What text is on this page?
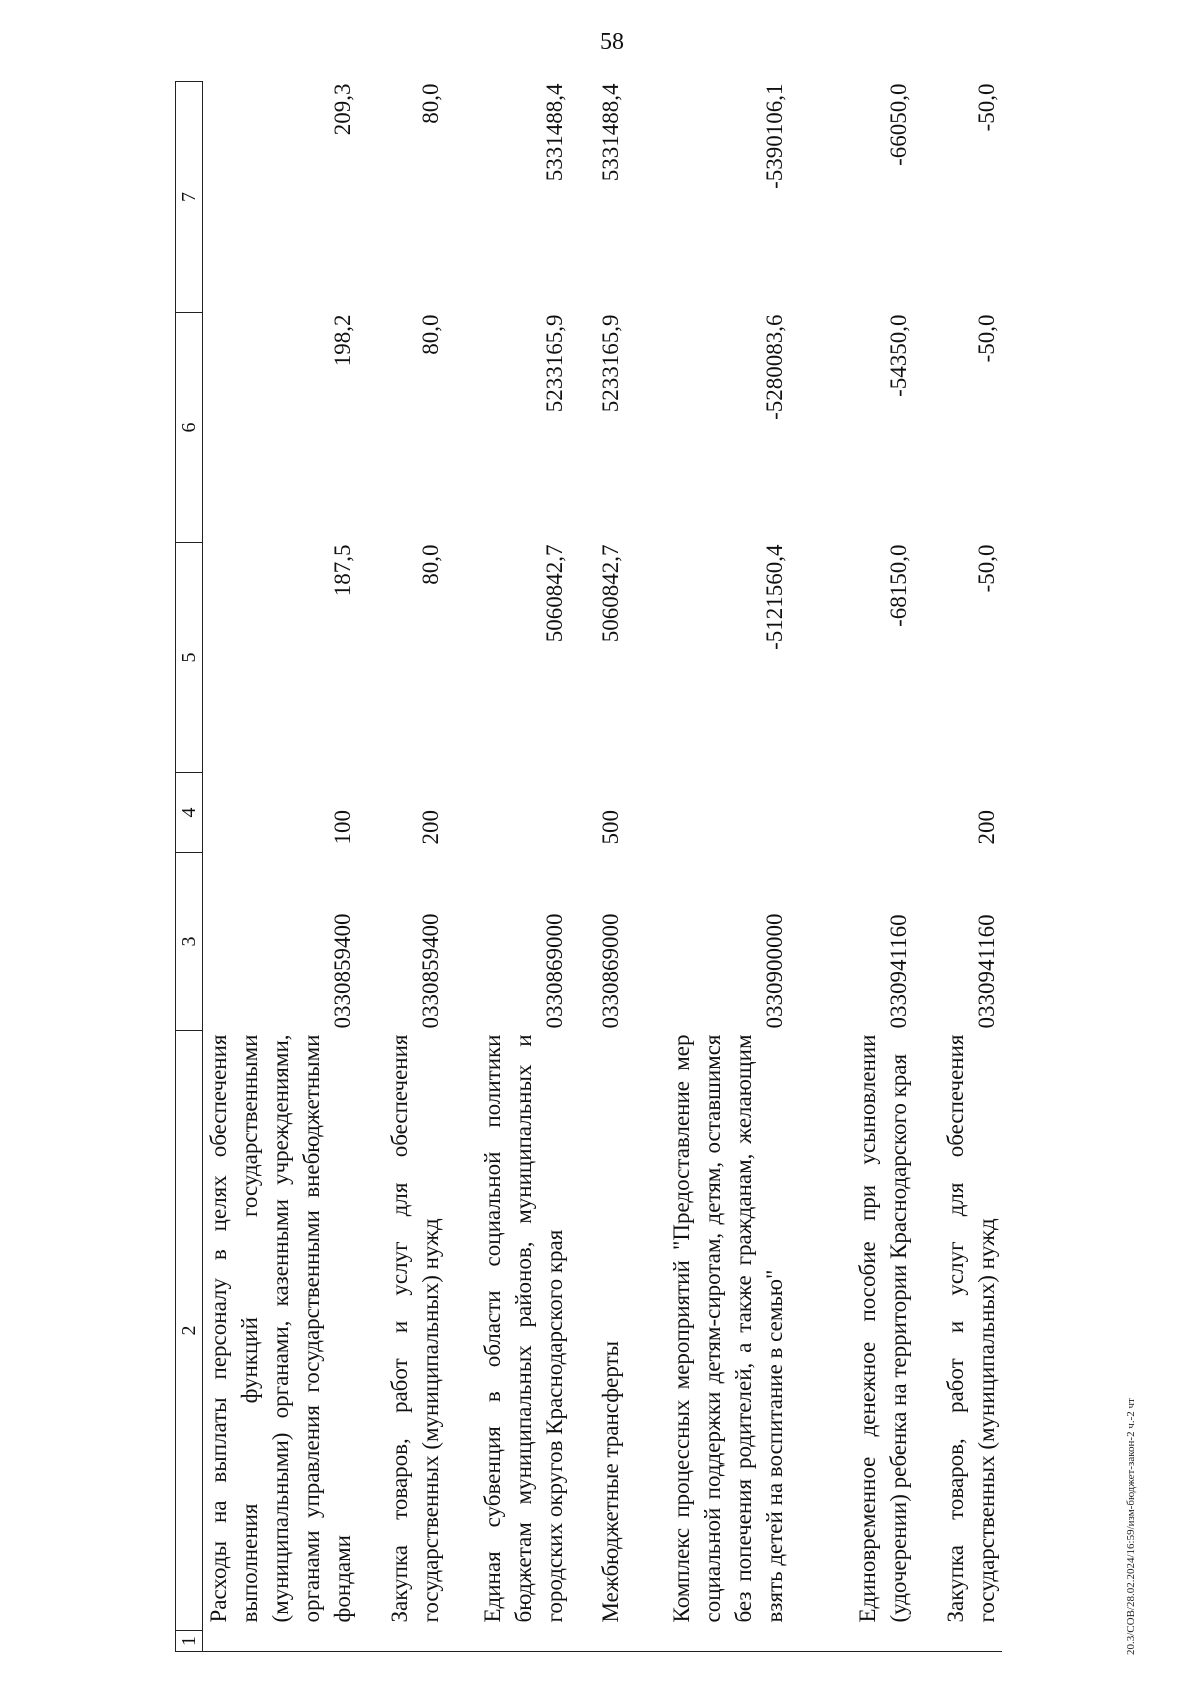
58
1	2	3	4	5	6	7
	Расходы на выплаты персоналу в целях обеспечения выполнения функций государственными (муниципальными) органами, казенными учреждениями, органами управления государственными внебюджетными фондами	0330859400	100	187,5	198,2	209,3
	Закупка товаров, работ и услуг для обеспечения государственных (муниципальных) нужд	0330859400	200	80,0	80,0	80,0
	Единая субвенция в области социальной политики бюджетам муниципальных районов, муниципальных и городских округов Краснодарского края	0330869000		5060842,7	5233165,9	5331488,4
	Межбюджетные трансферты	0330869000	500	5060842,7	5233165,9	5331488,4
	Комплекс процессных мероприятий "Предоставление мер социальной поддержки детям-сиротам, детям, оставшимся без попечения родителей, а также гражданам, желающим взять детей на воспитание в семью"	0330900000		-5121560,4	-5280083,6	-5390106,1
	Единовременное денежное пособие при усыновлении (удочерении) ребенка на территории Краснодарского края	0330941160		-68150,0	-54350,0	-66050,0
	Закупка товаров, работ и услуг для обеспечения государственных (муниципальных) нужд	0330941160	200	-50,0	-50,0	-50,0
20.3/СОВ/28.02.2024/16:59/изм-бюджет-закон-2 ч.-2 чт
